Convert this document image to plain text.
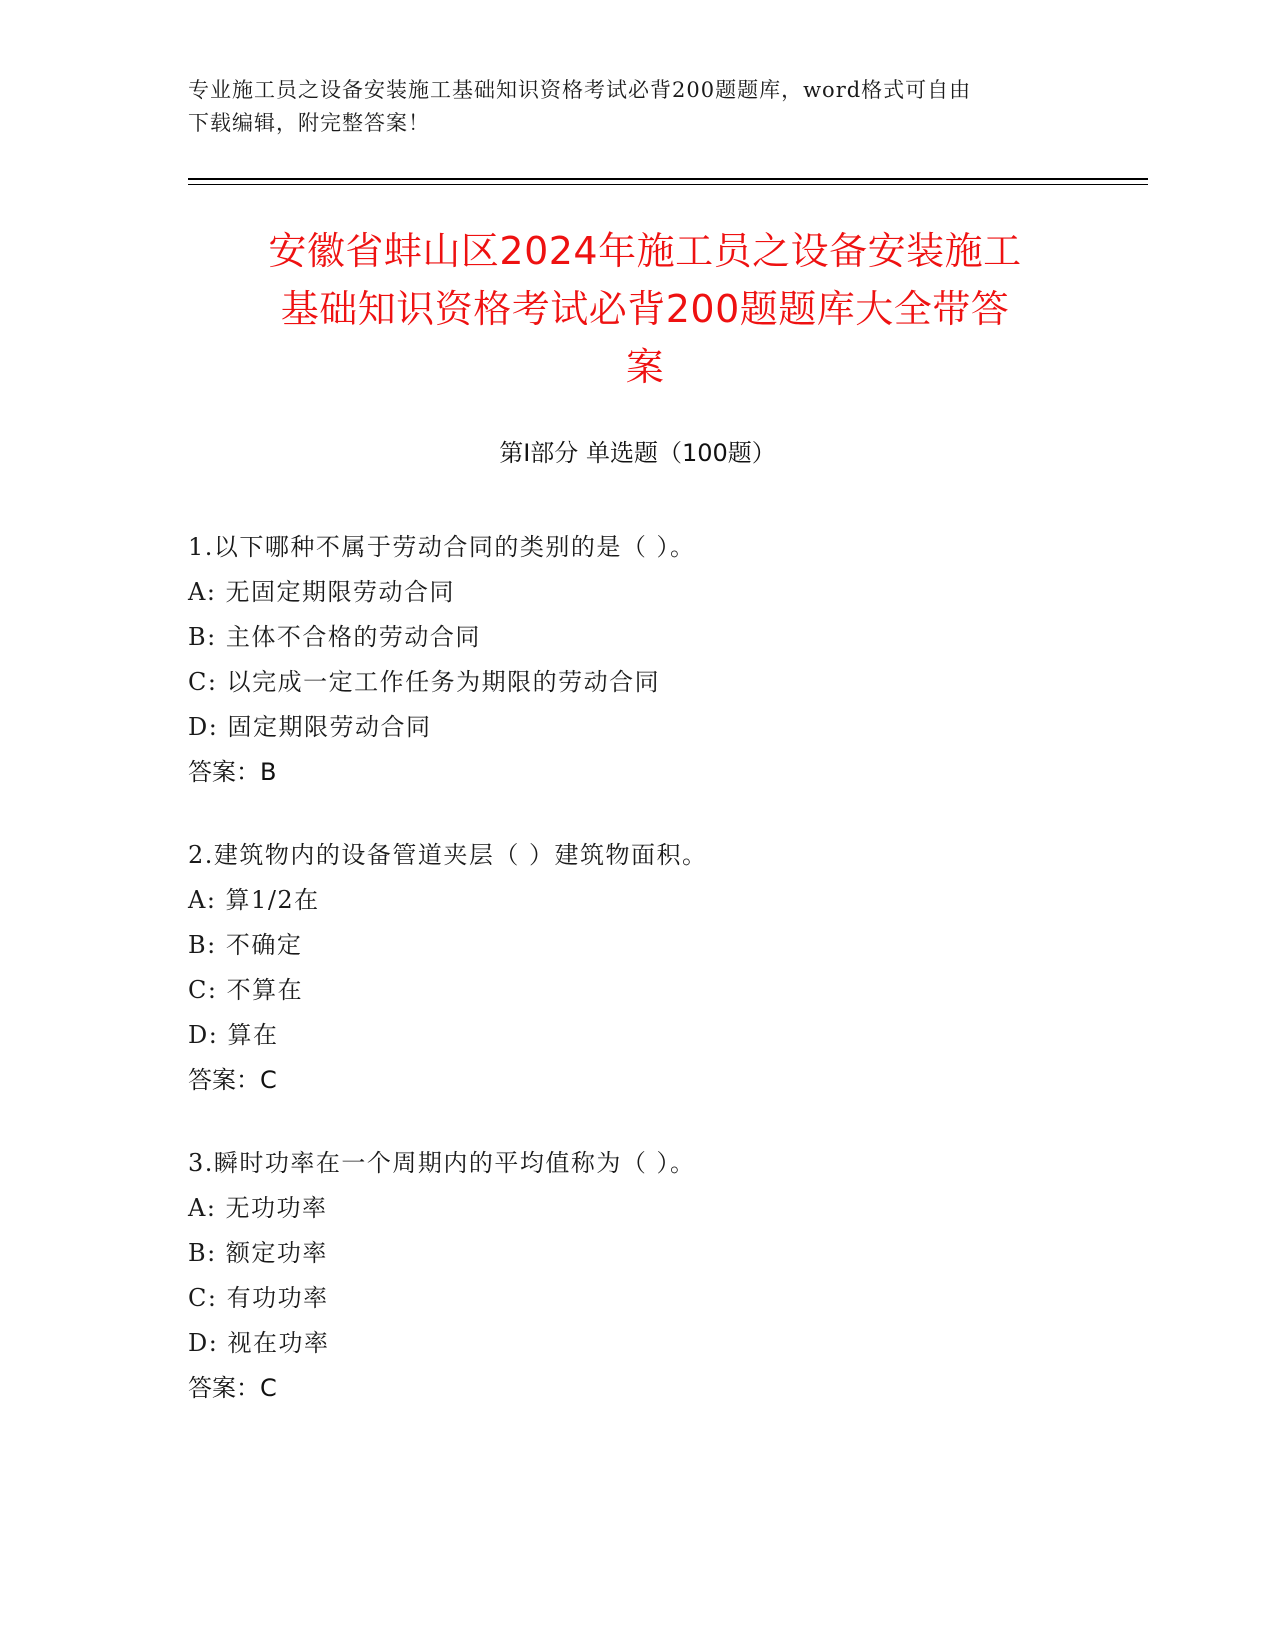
专业施工员之设备安装施工基础知识资格考试必背200题题库，word格式可自由
下载编辑，附完整答案！
安徽省蚌山区2024年施工员之设备安装施工
基础知识资格考试必背200题题库大全带答
案
第Ⅰ部分 单选题（100题）
1.以下哪种不属于劳动合同的类别的是（ ）。
A: 无固定期限劳动合同
B: 主体不合格的劳动合同
C: 以完成一定工作任务为期限的劳动合同
D: 固定期限劳动合同
答案：B
2.建筑物内的设备管道夹层（ ）建筑物面积。
A: 算1/2在
B: 不确定
C: 不算在
D: 算在
答案：C
3.瞬时功率在一个周期内的平均值称为（ ）。
A: 无功功率
B: 额定功率
C: 有功功率
D: 视在功率
答案：C
